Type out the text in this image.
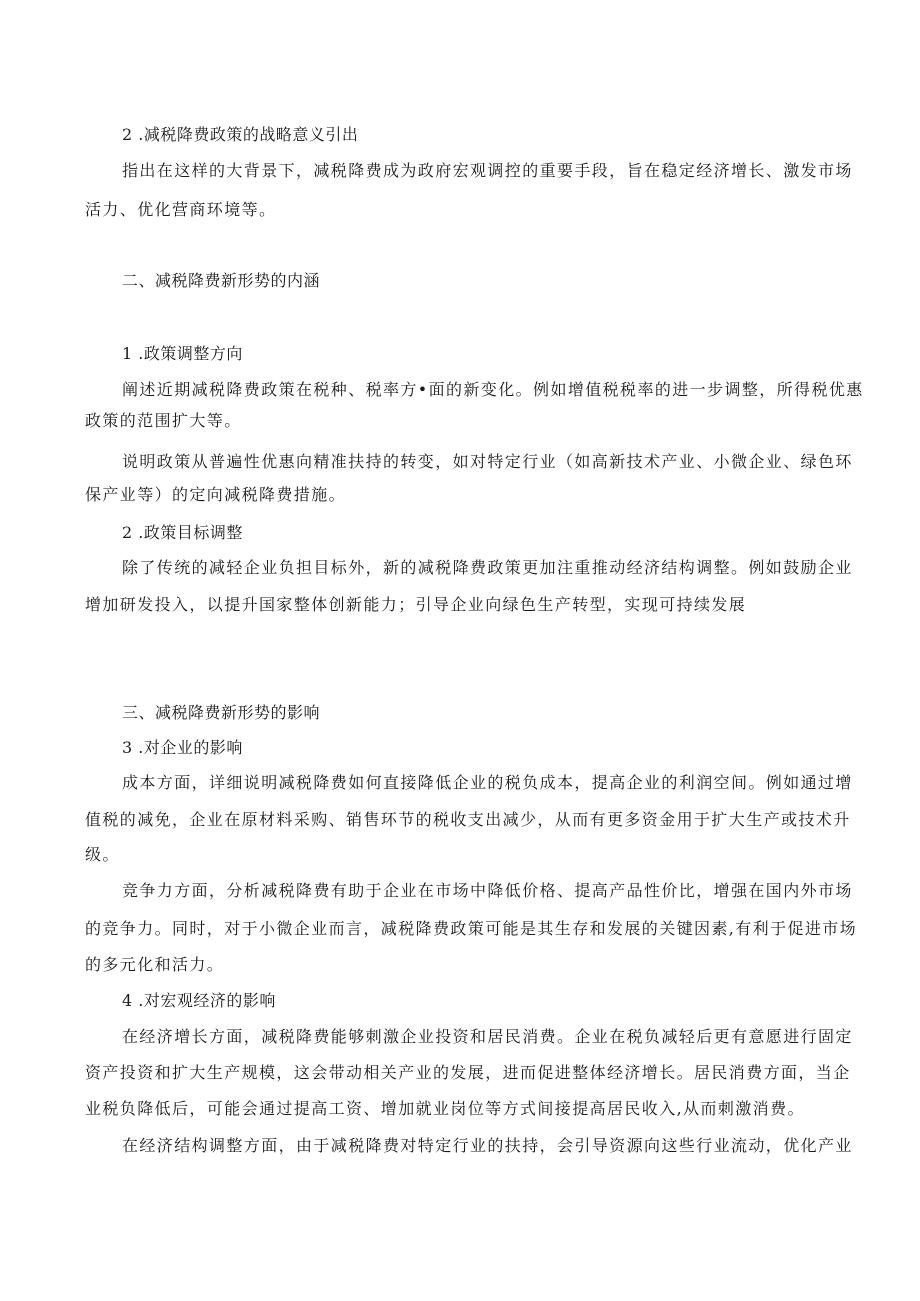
2 .减税降费政策的战略意义引出

指出在这样的大背景下，减税降费成为政府宏观调控的重要手段，旨在稳定经济增长、激发市场

活力、优化营商环境等。

二、减税降费新形势的内涵

1 .政策调整方向

阐述近期减税降费政策在税种、税率方•面的新变化。例如增值税税率的进一步调整，所得税优惠

政策的范围扩大等。

说明政策从普遍性优惠向精准扶持的转变，如对特定行业（如高新技术产业、小微企业、绿色环

保产业等）的定向减税降费措施。

2 .政策目标调整

除了传统的减轻企业负担目标外，新的减税降费政策更加注重推动经济结构调整。例如鼓励企业

增加研发投入，以提升国家整体创新能力；引导企业向绿色生产转型，实现可持续发展

三、减税降费新形势的影响

3 .对企业的影响

成本方面，详细说明减税降费如何直接降低企业的税负成本，提高企业的利润空间。例如通过增

值税的减免，企业在原材料采购、销售环节的税收支出减少，从而有更多资金用于扩大生产或技术升

级。

竞争力方面，分析减税降费有助于企业在市场中降低价格、提高产品性价比，增强在国内外市场

的竞争力。同时，对于小微企业而言，减税降费政策可能是其生存和发展的关键因素,有利于促进市场

的多元化和活力。

4 .对宏观经济的影响

在经济增长方面，减税降费能够刺激企业投资和居民消费。企业在税负减轻后更有意愿进行固定

资产投资和扩大生产规模，这会带动相关产业的发展，进而促进整体经济增长。居民消费方面，当企

业税负降低后，可能会通过提高工资、增加就业岗位等方式间接提高居民收入,从而刺激消费。

在经济结构调整方面，由于减税降费对特定行业的扶持，会引导资源向这些行业流动，优化产业
